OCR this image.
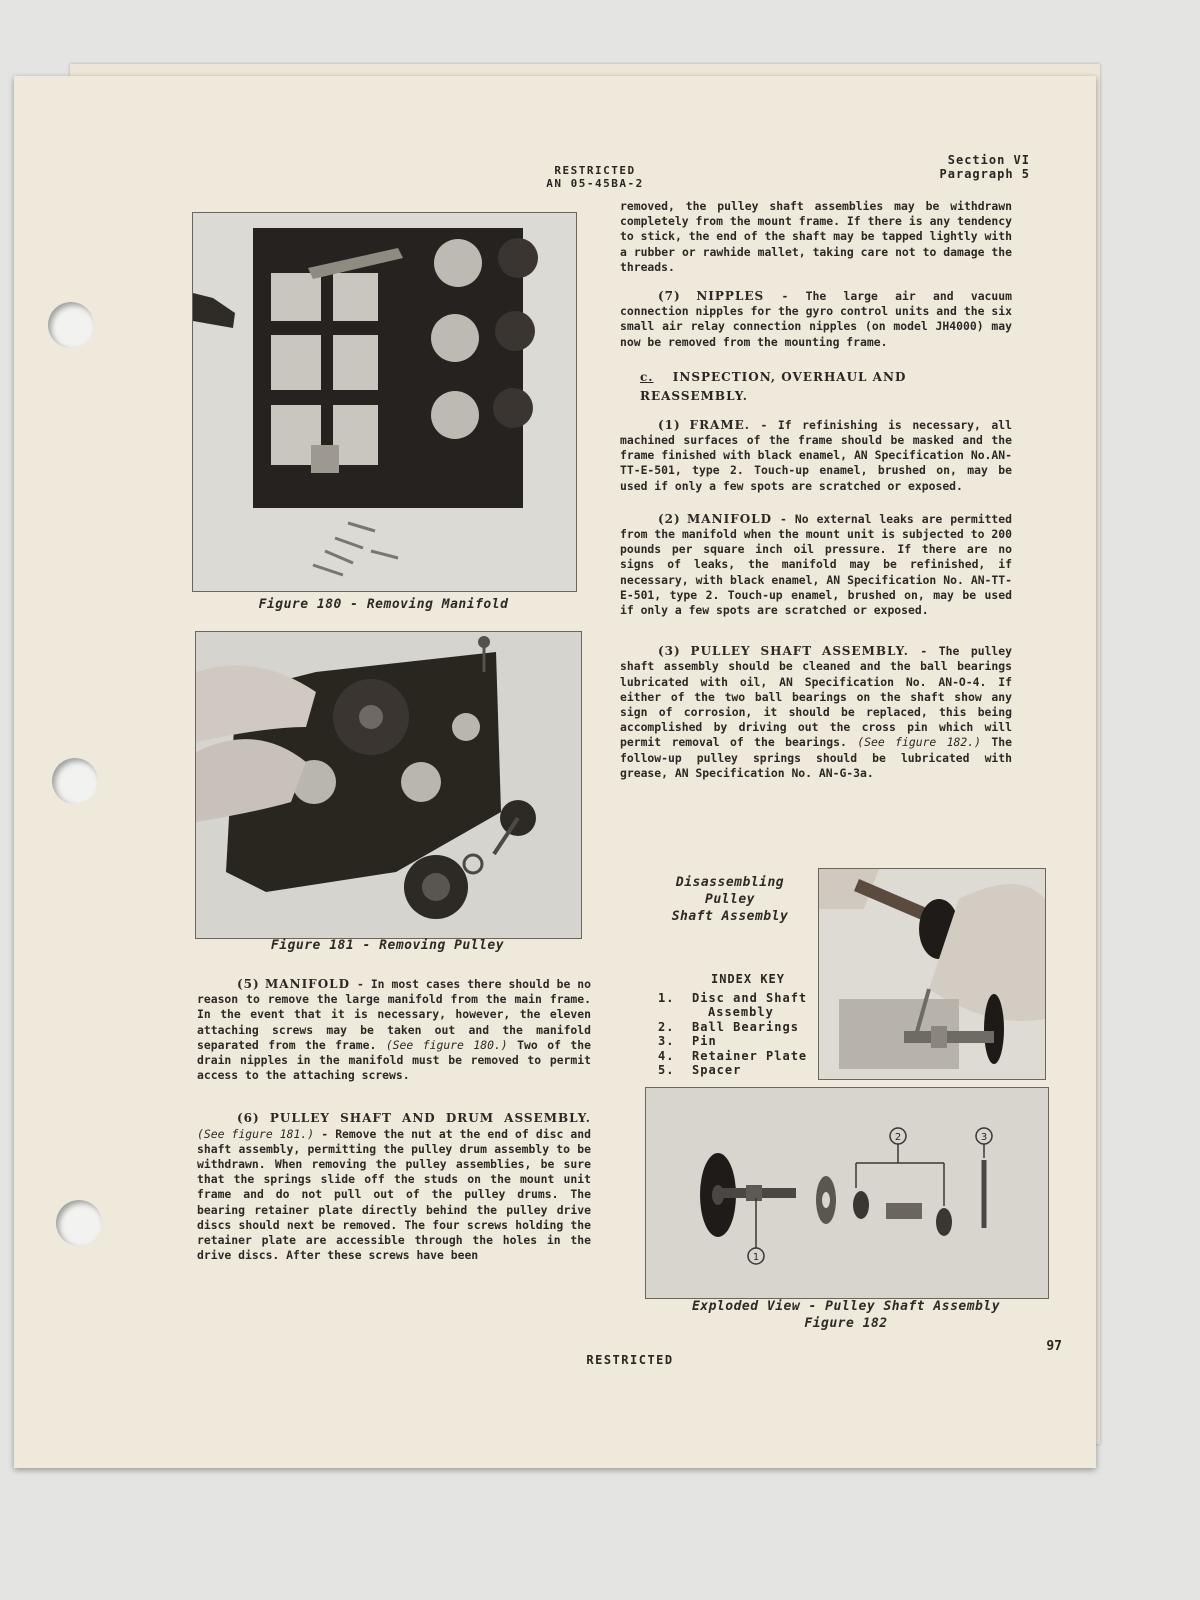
RESTRICTED
AN 05-45BA-2
Section VI
Paragraph 5
Figure 180 - Removing Manifold
Figure 181 - Removing Pulley

(5) MANIFOLD - In most cases there should be no reason to remove the large manifold from the main frame. In the event that it is necessary, however, the eleven attaching screws may be taken out and the manifold separated from the frame. (See figure 180.) Two of the drain nipples in the manifold must be removed to permit access to the attaching screws.

(6) PULLEY SHAFT AND DRUM ASSEMBLY. (See figure 181.) - Remove the nut at the end of disc and shaft assembly, permitting the pulley drum assembly to be withdrawn. When removing the pulley assemblies, be sure that the springs slide off the studs on the mount unit frame and do not pull out of the pulley drums. The bearing retainer plate directly behind the pulley drive discs should next be removed. The four screws holding the retainer plate are accessible through the holes in the drive discs. After these screws have been

removed, the pulley shaft assemblies may be withdrawn completely from the mount frame. If there is any tendency to stick, the end of the shaft may be tapped lightly with a rubber or rawhide mallet, taking care not to damage the threads.

(7) NIPPLES - The large air and vacuum connection nipples for the gyro control units and the six small air relay connection nipples (on model JH4000) may now be removed from the mounting frame.

c. INSPECTION, OVERHAUL AND REASSEMBLY.

(1) FRAME. - If refinishing is necessary, all machined surfaces of the frame should be masked and the frame finished with black enamel, AN Specification No.AN-TT-E-501, type 2. Touch-up enamel, brushed on, may be used if only a few spots are scratched or exposed.

(2) MANIFOLD - No external leaks are permitted from the manifold when the mount unit is subjected to 200 pounds per square inch oil pressure. If there are no signs of leaks, the manifold may be refinished, if necessary, with black enamel, AN Specification No. AN-TT-E-501, type 2. Touch-up enamel, brushed on, may be used if only a few spots are scratched or exposed.

(3) PULLEY SHAFT ASSEMBLY. - The pulley shaft assembly should be cleaned and the ball bearings lubricated with oil, AN Specification No. AN-O-4. If either of the two ball bearings on the shaft show any sign of corrosion, it should be replaced, this being accomplished by driving out the cross pin which will permit removal of the bearings. (See figure 182.) The follow-up pulley springs should be lubricated with grease, AN Specification No. AN-G-3a.

Disassembling
Pulley
Shaft Assembly
INDEX KEY
1.	Disc and Shaft
Assembly
2.	Ball Bearings
3.	Pin
4.	Retainer Plate
5.	Spacer
2	3
1
Exploded View - Pulley Shaft Assembly
Figure 182
RESTRICTED
97
